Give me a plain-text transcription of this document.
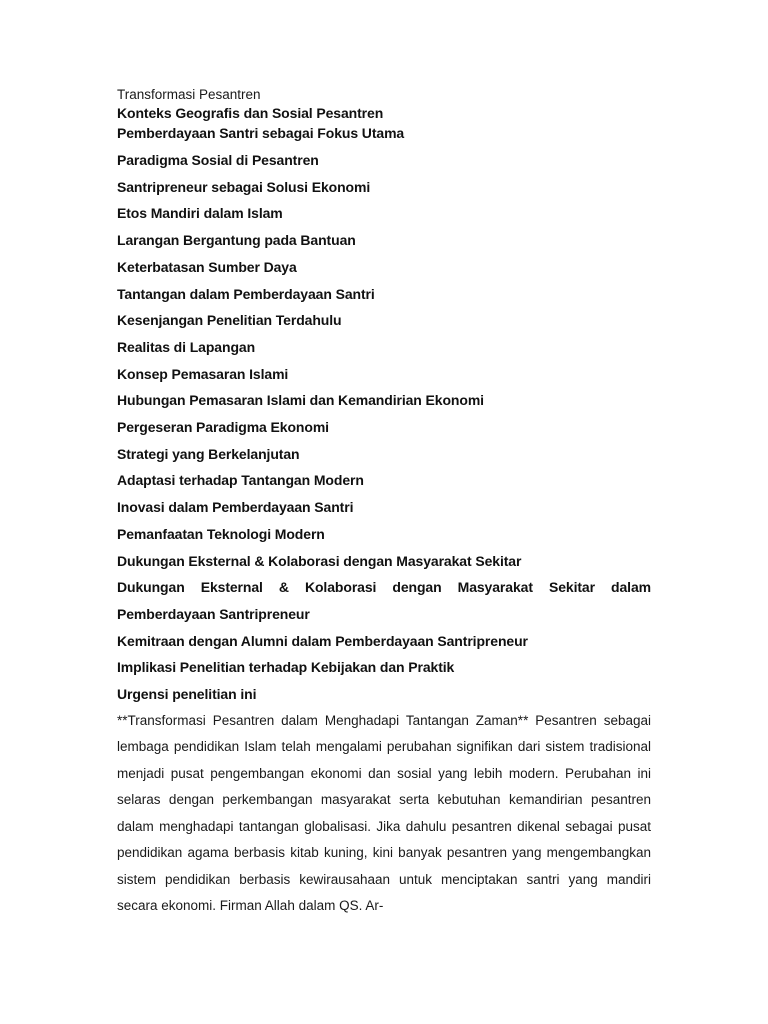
Transformasi Pesantren

Konteks Geografis dan Sosial Pesantren

Pemberdayaan Santri sebagai Fokus Utama

Paradigma Sosial di Pesantren

Santripreneur sebagai Solusi Ekonomi

Etos Mandiri dalam Islam

Larangan Bergantung pada Bantuan

Keterbatasan Sumber Daya

Tantangan dalam Pemberdayaan Santri

Kesenjangan Penelitian Terdahulu

Realitas di Lapangan

Konsep Pemasaran Islami

Hubungan Pemasaran Islami dan Kemandirian Ekonomi

Pergeseran Paradigma Ekonomi

Strategi yang Berkelanjutan

Adaptasi terhadap Tantangan Modern

Inovasi dalam Pemberdayaan Santri

Pemanfaatan Teknologi Modern

Dukungan Eksternal & Kolaborasi dengan Masyarakat Sekitar

Dukungan Eksternal & Kolaborasi dengan Masyarakat Sekitar dalam

Pemberdayaan Santripreneur

Kemitraan dengan Alumni dalam Pemberdayaan Santripreneur

Implikasi Penelitian terhadap Kebijakan dan Praktik

Urgensi penelitian ini

**Transformasi Pesantren dalam Menghadapi Tantangan Zaman** Pesantren sebagai lembaga pendidikan Islam telah mengalami perubahan signifikan dari sistem tradisional menjadi pusat pengembangan ekonomi dan sosial yang lebih modern. Perubahan ini selaras dengan perkembangan masyarakat serta kebutuhan kemandirian pesantren dalam menghadapi tantangan globalisasi. Jika dahulu pesantren dikenal sebagai pusat pendidikan agama berbasis kitab kuning, kini banyak pesantren yang mengembangkan sistem pendidikan berbasis kewirausahaan untuk menciptakan santri yang mandiri secara ekonomi. Firman Allah dalam QS. Ar-
